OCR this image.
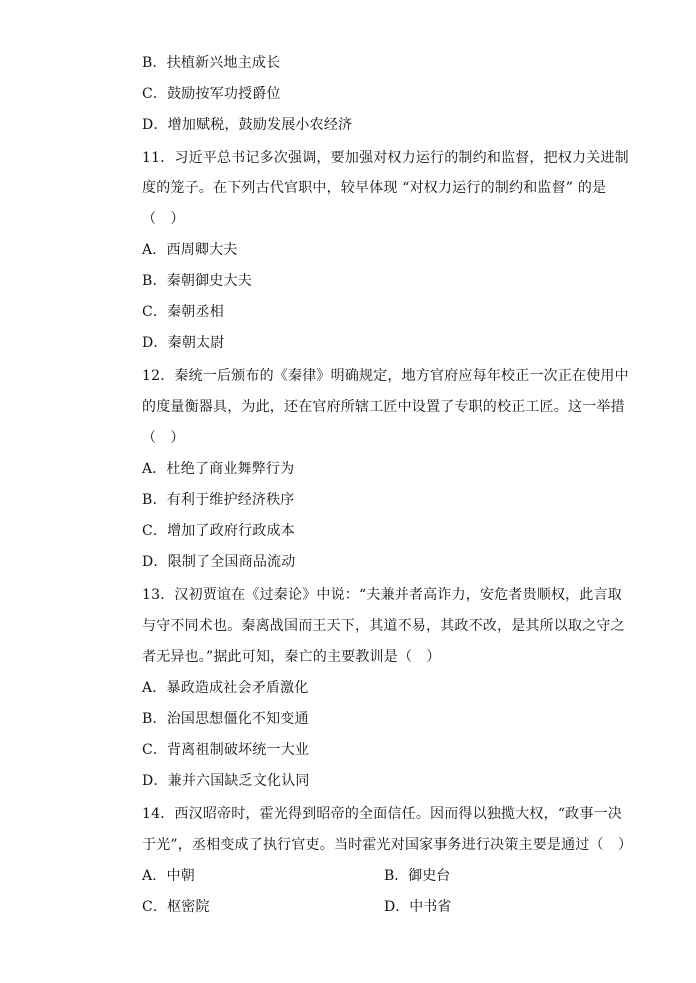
B．扶植新兴地主成长
C．鼓励按军功授爵位
D．增加赋税，鼓励发展小农经济
11．习近平总书记多次强调，要加强对权力运行的制约和监督，把权力关进制
度的笼子。在下列古代官职中，较早体现 “对权力运行的制约和监督” 的是
（　）
A．西周卿大夫
B．秦朝御史大夫
C．秦朝丞相
D．秦朝太尉
12．秦统一后颁布的《秦律》明确规定，地方官府应每年校正一次正在使用中
的度量衡器具，为此，还在官府所辖工匠中设置了专职的校正工匠。这一举措
（　）
A．杜绝了商业舞弊行为
B．有利于维护经济秩序
C．增加了政府行政成本
D．限制了全国商品流动
13．汉初贾谊在《过秦论》中说：“夫兼并者高诈力，安危者贵顺权，此言取
与守不同术也。秦离战国而王天下，其道不易，其政不改，是其所以取之守之
者无异也。”据此可知，秦亡的主要教训是（　）
A．暴政造成社会矛盾激化
B．治国思想僵化不知变通
C．背离祖制破坏统一大业
D．兼并六国缺乏文化认同
14．西汉昭帝时，霍光得到昭帝的全面信任。因而得以独揽大权，“政事一决
于光”，丞相变成了执行官吏。当时霍光对国家事务进行决策主要是通过（　）
A．中朝	B．御史台
C．枢密院	D．中书省
